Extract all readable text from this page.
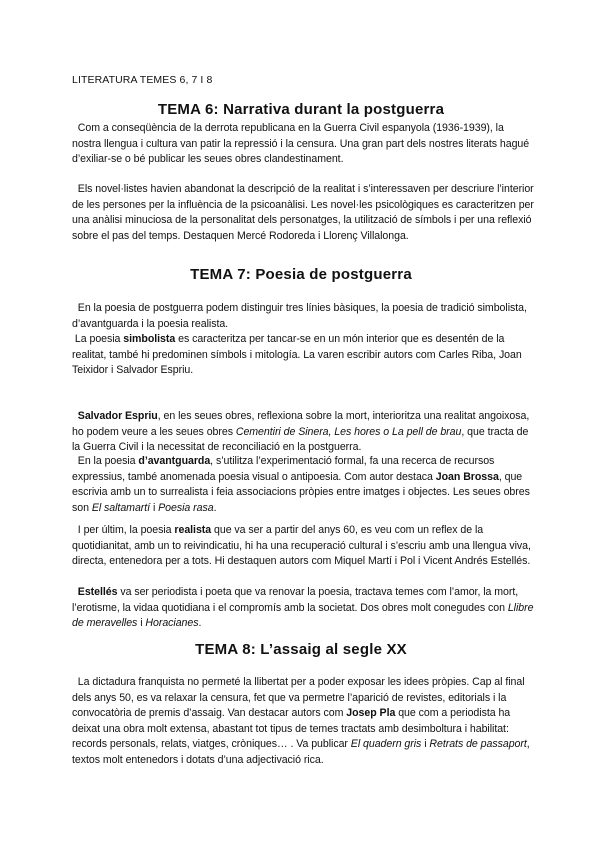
LITERATURA TEMES 6, 7 I 8
TEMA 6: Narrativa durant la postguerra

Com a conseqüència de la derrota republicana en la Guerra Civil espanyola (1936-1939), la nostra llengua i cultura van patir la repressió i la censura. Una gran part dels nostres literats hagué d’exiliar-se o bé publicar les seues obres clandestinament.

Els novel·listes havien abandonat la descripció de la realitat i s’interessaven per descriure l’interior de les persones per la influència de la psicoanàlisi. Les novel·les psicològiques es caracteritzen per una anàlisi minuciosa de la personalitat dels personatges, la utilització de símbols i per una reflexió sobre el pas del temps. Destaquen Mercé Rodoreda i Llorenç Villalonga.

TEMA 7: Poesia de postguerra

En la poesia de postguerra podem distinguir tres línies bàsiques, la poesia de tradició simbolista, d’avantguarda i la poesia realista.

La poesia simbolista es caracteritza per tancar-se en un món interior que es desentén de la realitat, també hi predominen símbols i mitología. La varen escribir autors com Carles Riba, Joan Teixidor i Salvador Espriu.

Salvador Espriu, en les seues obres, reflexiona sobre la mort, interioritza una realitat angoixosa, ho podem veure a les seues obres Cementiri de Sinera, Les hores o La pell de brau, que tracta de la Guerra Civil i la necessitat de reconciliació en la postguerra.

En la poesia d’avantguarda, s’utilitza l’experimentació formal, fa una recerca de recursos expressius, també anomenada poesia visual o antipoesia. Com autor destaca Joan Brossa, que escrivia amb un to surrealista i feia associacions pròpies entre imatges i objectes. Les seues obres son El saltamartí i Poesia rasa.

I per últim, la poesia realista que va ser a partir del anys 60, es veu com un reflex de la quotidianitat, amb un to reivindicatiu, hi ha una recuperació cultural i s’escriu amb una llengua viva, directa, entenedora per a tots. Hi destaquen autors com Miquel Martí i Pol i Vicent Andrés Estellés.

Estellés va ser periodista i poeta que va renovar la poesia, tractava temes com l’amor, la mort, l’erotisme, la vidaa quotidiana i el compromís amb la societat. Dos obres molt conegudes con Llibre de meravelles i Horacianes.

TEMA 8: L’assaig al segle XX

La dictadura franquista no permeté la llibertat per a poder exposar les idees pròpies. Cap al final dels anys 50, es va relaxar la censura, fet que va permetre l’aparició de revistes, editorials i la convocatòria de premis d’assaig. Van destacar autors com Josep Pla que com a periodista ha deixat una obra molt extensa, abastant tot tipus de temes tractats amb desimboltura i habilitat: records personals, relats, viatges, cròniques… . Va publicar El quadern gris i Retrats de passaport, textos molt entenedors i dotats d’una adjectivació rica.
